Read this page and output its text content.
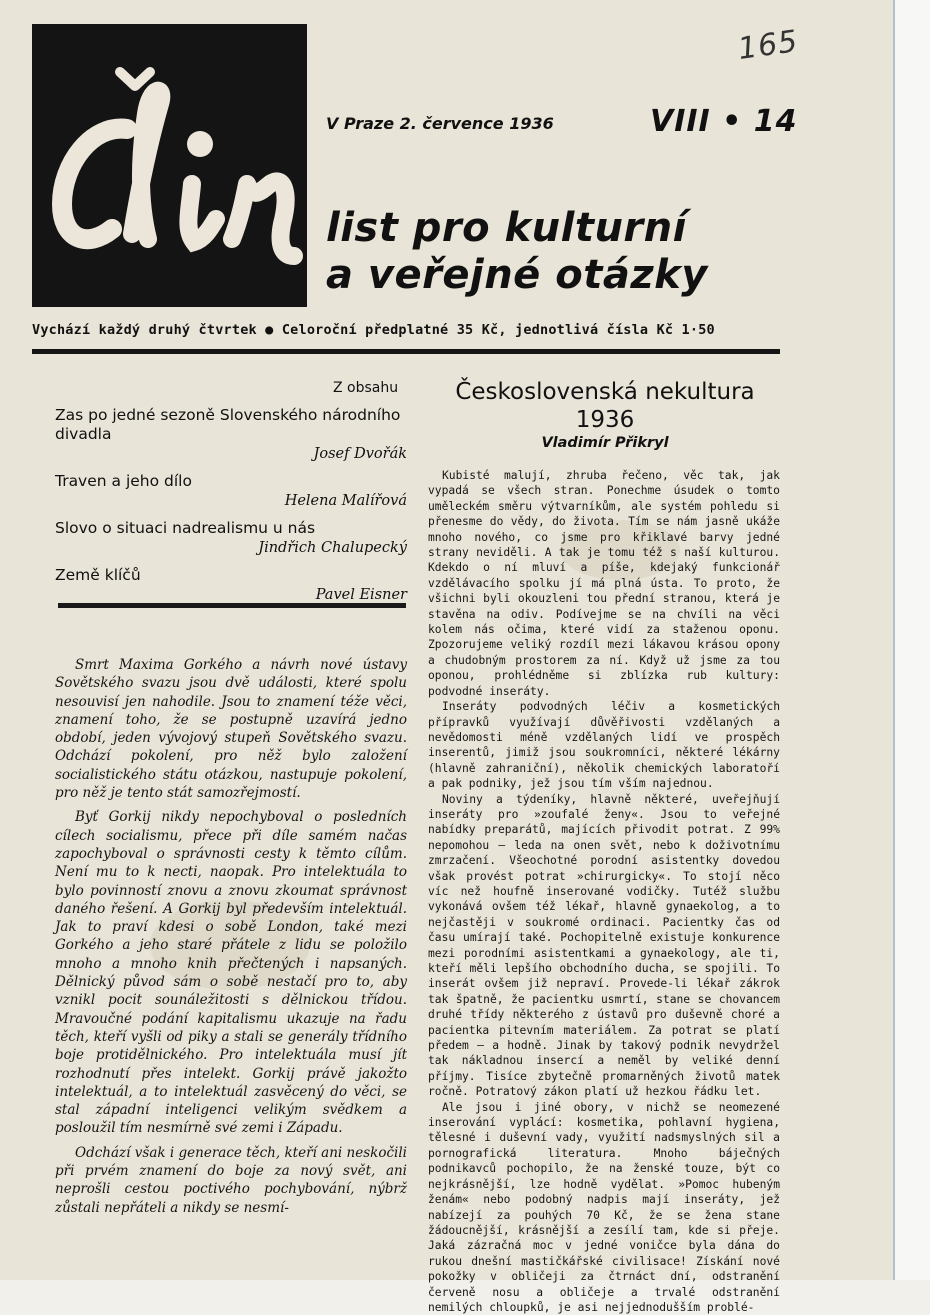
165
V Praze 2. července 1936	VIII • 14
list pro kulturní
a veřejné otázky
Vychází každý druhý čtvrtek ● Celoroční předplatné 35 Kč, jednotlivá čísla Kč 1·50
Z obsahu
Zas po jedné sezoně Slovenského národního divadla
Josef Dvořák
Traven a jeho dílo
Helena Malířová
Slovo o situaci nadrealismu u nás
Jindřich Chalupecký
Země klíčů
Pavel Eisner

Smrt Maxima Gorkého a návrh nové ústavy Sovětského svazu jsou dvě události, které spolu nesouvisí jen nahodile. Jsou to znamení téže věci, znamení toho, že se postupně uzavírá jedno období, jeden vývojový stupeň Sovětského svazu. Odchází pokolení, pro něž bylo založení socialistického státu otázkou, nastupuje pokolení, pro něž je tento stát samozřejmostí.

Byť Gorkij nikdy nepochyboval o posledních cílech socialismu, přece při díle samém načas zapochyboval o správnosti cesty k těmto cílům. Není mu to k necti, naopak. Pro intelektuála to bylo povinností znovu a znovu zkoumat správnost daného řešení. A Gorkij byl především intelektuál. Jak to praví kdesi o sobě London, také mezi Gorkého a jeho staré přátele z lidu se položilo mnoho a mnoho knih přečtených i napsaných. Dělnický původ sám o sobě nestačí pro to, aby vznikl pocit sounáležitosti s dělnickou třídou. Mravoučné podání kapitalismu ukazuje na řadu těch, kteří vyšli od piky a stali se generály třídního boje protidělnického. Pro intelektuála musí jít rozhodnutí přes intelekt. Gorkij právě jakožto intelektuál, a to intelektuál zasvěcený do věci, se stal západní inteligenci velikým svědkem a posloužil tím nesmírně své zemi i Západu.

Odchází však i generace těch, kteří ani neskočili při prvém znamení do boje za nový svět, ani neprošli cestou poctivého pochybování, nýbrž zůstali nepřáteli a nikdy se nesmí-

Československá nekultura 1936
Vladimír Přikryl

Kubisté malují, zhruba řečeno, věc tak, jak vypadá se všech stran. Ponechme úsudek o tomto uměleckém směru výtvarníkům, ale systém pohledu si přenesme do vědy, do života. Tím se nám jasně ukáže mnoho nového, co jsme pro křiklavé barvy jedné strany neviděli. A tak je tomu též s naší kulturou. Kdekdo o ní mluví a píše, kdejaký funkcionář vzdělávacího spolku jí má plná ústa. To proto, že všichni byli okouzleni tou přední stranou, která je stavěna na odiv. Podívejme se na chvíli na věci kolem nás očima, které vidí za staženou oponu. Zpozorujeme veliký rozdíl mezi lákavou krásou opony a chudobným prostorem za ní. Když už jsme za tou oponou, prohlédněme si zblízka rub kultury: podvodné inseráty.

Inseráty podvodných léčiv a kosmetických přípravků využívají důvěřivosti vzdělaných a nevědomosti méně vzdělaných lidí ve prospěch inserentů, jimiž jsou soukromníci, některé lékárny (hlavně zahraniční), několik chemických laboratoří a pak podniky, jež jsou tím vším najednou.

Noviny a týdeníky, hlavně některé, uveřejňují inseráty pro »zoufalé ženy«. Jsou to veřejné nabídky preparátů, majících přivodit potrat. Z 99% nepomohou — leda na onen svět, nebo k doživotnímu zmrzačení. Všeochotné porodní asistentky dovedou však provést potrat »chirurgicky«. To stojí něco víc než houfně inserované vodičky. Tutéž službu vykonává ovšem též lékař, hlavně gynaekolog, a to nejčastěji v soukromé ordinaci. Pacientky čas od času umírají také. Pochopitelně existuje konkurence mezi porodními asistentkami a gynaekology, ale ti, kteří měli lepšího obchodního ducha, se spojili. To inserát ovšem již nepraví. Provede-li lékař zákrok tak špatně, že pacientku usmrtí, stane se chovancem druhé třídy některého z ústavů pro duševně choré a pacientka pitevním materiálem. Za potrat se platí předem — a hodně. Jinak by takový podnik nevydržel tak nákladnou insercí a neměl by veliké denní příjmy. Tisíce zbytečně promarněných životů matek ročně. Potratový zákon platí už hezkou řádku let.

Ale jsou i jiné obory, v nichž se neomezené inserování vyplácí: kosmetika, pohlavní hygiena, tělesné i duševní vady, využití nadsmyslných sil a pornografická literatura. Mnoho báječných podnikavců pochopilo, že na ženské touze, být co nejkrásnější, lze hodně vydělat. »Pomoc hubeným ženám« nebo podobný nadpis mají inseráty, jež nabízejí za pouhých 70 Kč, že se žena stane žádoucnější, krásnější a zesílí tam, kde si přeje. Jaká zázračná moc v jedné voničce byla dána do rukou dnešní mastičkářské civilisace! Získání nové pokožky v obličeji za čtrnáct dní, odstranění červeně nosu a obličeje a trvalé odstranění nemilých chloupků, je asi nejjednodušším problé-
